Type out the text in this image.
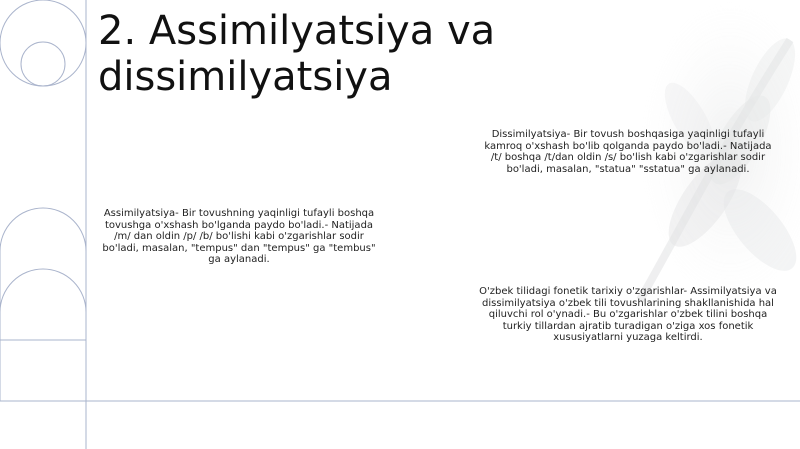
2. Assimilyatsiya va dissimilyatsiya

Dissimilyatsiya- Bir tovush boshqasiga yaqinligi tufayli kamroq o'xshash bo'lib qolganda paydo bo'ladi.- Natijada /t/ boshqa /t/dan oldin /s/ bo'lish kabi o'zgarishlar sodir bo'ladi, masalan, "statua" "sstatua" ga aylanadi.

Assimilyatsiya- Bir tovushning yaqinligi tufayli boshqa tovushga o'xshash bo'lganda paydo bo'ladi.- Natijada /m/ dan oldin /p/ /b/ bo'lishi kabi o'zgarishlar sodir bo'ladi, masalan, "tempus" dan "tempus" ga "tembus" ga aylanadi.

O'zbek tilidagi fonetik tarixiy o'zgarishlar- Assimilyatsiya va dissimilyatsiya o'zbek tili tovushlarining shakllanishida hal qiluvchi rol o'ynadi.- Bu o'zgarishlar o'zbek tilini boshqa turkiy tillardan ajratib turadigan o'ziga xos fonetik xususiyatlarni yuzaga keltirdi.
